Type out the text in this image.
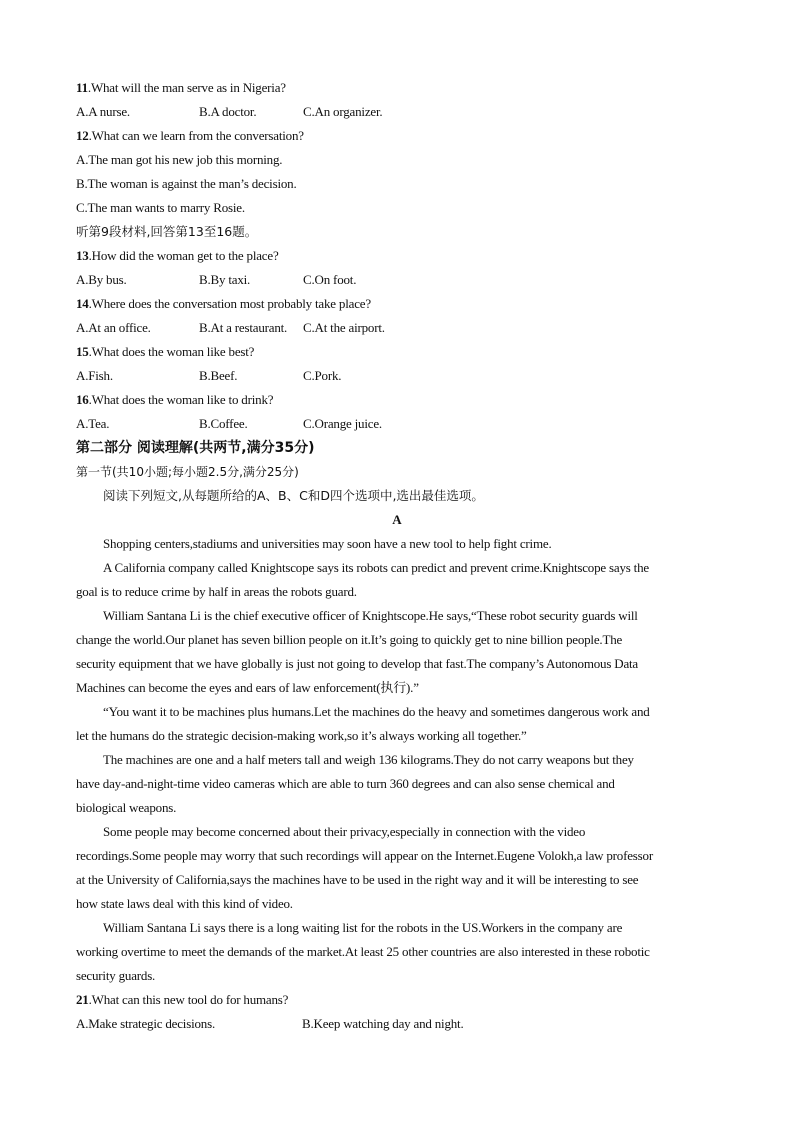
11.What will the man serve as in Nigeria?
A.A nurse.	B.A doctor.	C.An organizer.
12.What can we learn from the conversation?
A.The man got his new job this morning.
B.The woman is against the man’s decision.
C.The man wants to marry Rosie.
听第9段材料,回答第13至16题。
13.How did the woman get to the place?
A.By bus.	B.By taxi.	C.On foot.
14.Where does the conversation most probably take place?
A.At an office.	B.At a restaurant. C.At the airport.
15.What does the woman like best?
A.Fish.	B.Beef.	C.Pork.
16.What does the woman like to drink?
A.Tea.	B.Coffee.	C.Orange juice.
第二部分 阅读理解(共两节,满分35分)
第一节(共10小题;每小题2.5分,满分25分)
阅读下列短文,从每题所给的A、B、C和D四个选项中,选出最佳选项。
A
Shopping centers,stadiums and universities may soon have a new tool to help fight crime.
A California company called Knightscope says its robots can predict and prevent crime.Knightscope says the
goal is to reduce crime by half in areas the robots guard.
William Santana Li is the chief executive officer of Knightscope.He says,“These robot security guards will
change the world.Our planet has seven billion people on it.It’s going to quickly get to nine billion people.The
security equipment that we have globally is just not going to develop that fast.The company’s Autonomous Data
Machines can become the eyes and ears of law enforcement(执行).”
“You want it to be machines plus humans.Let the machines do the heavy and sometimes dangerous work and
let the humans do the strategic decision-making work,so it’s always working all together.”
The machines are one and a half meters tall and weigh 136 kilograms.They do not carry weapons but they
have day-and-night-time video cameras which are able to turn 360 degrees and can also sense chemical and
biological weapons.
Some people may become concerned about their privacy,especially in connection with the video
recordings.Some people may worry that such recordings will appear on the Internet.Eugene Volokh,a law professor
at the University of California,says the machines have to be used in the right way and it will be interesting to see
how state laws deal with this kind of video.
William Santana Li says there is a long waiting list for the robots in the US.Workers in the company are
working overtime to meet the demands of the market.At least 25 other countries are also interested in these robotic
security guards.
21.What can this new tool do for humans?
A.Make strategic decisions.	B.Keep watching day and night.
